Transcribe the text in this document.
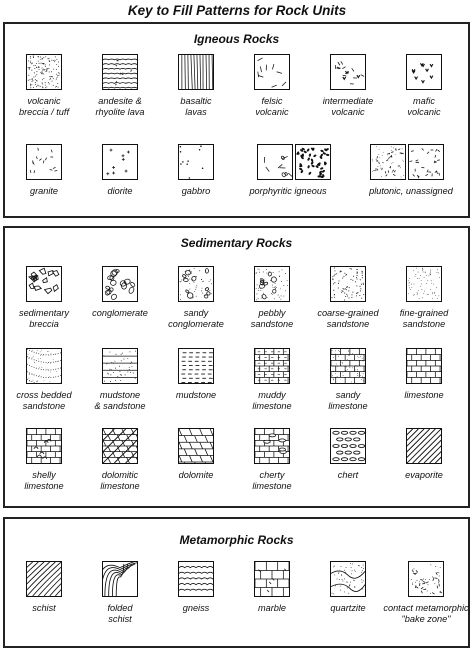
Key to Fill Patterns for Rock Units
Igneous Rocks
volcanic
breccia / tuff
andesite &
rhyolite lava
basaltic
lavas
felsic
volcanic
intermediate
volcanic
mafic
volcanic
granite	diorite	gabbro	porphyritic igneous	plutonic, unassigned
Sedimentary Rocks
sedimentary
breccia
conglomerate	sandy
conglomerate
pebbly
sandstone
coarse-grained
sandstone
fine-grained
sandstone
cross bedded
sandstone
mudstone
& sandstone
mudstone	muddy
limestone
sandy
limestone
limestone
shelly
limestone
dolomitic
limestone
dolomite	cherty
limestone
chert	evaporite
Metamorphic Rocks
schist	folded
schist
gneiss	marble	quartzite	contact metamorphic
"bake zone"
